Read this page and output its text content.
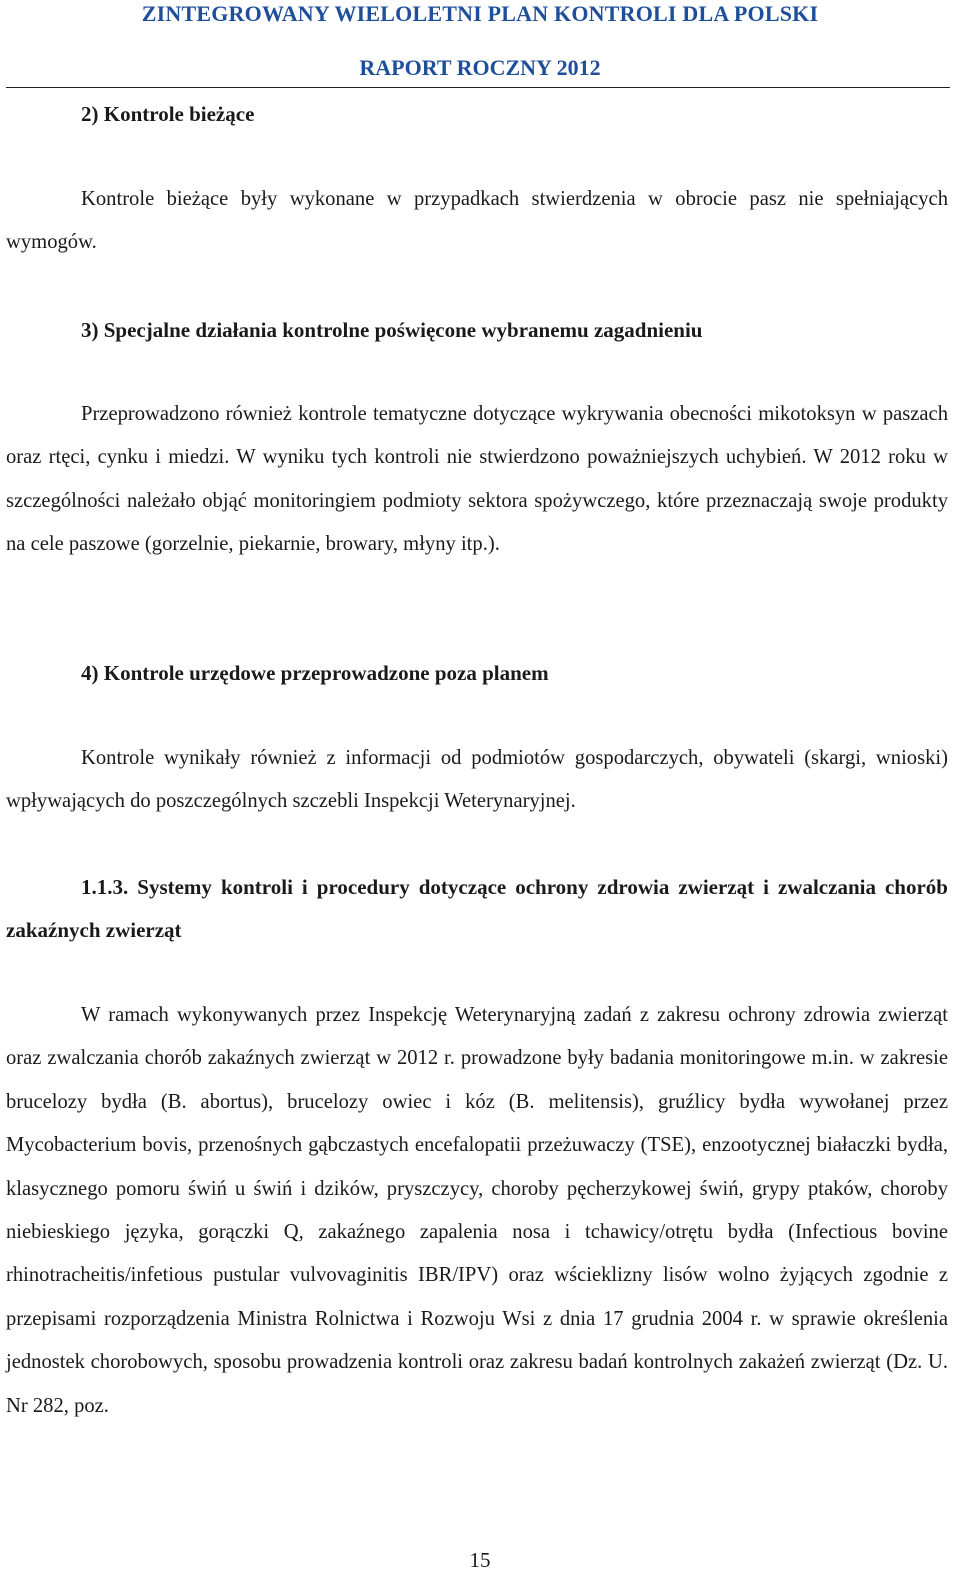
ZINTEGROWANY WIELOLETNI PLAN KONTROLI DLA POLSKI
RAPORT ROCZNY 2012
2) Kontrole bieżące

Kontrole bieżące były wykonane w przypadkach stwierdzenia w obrocie pasz nie spełniających wymogów.

3) Specjalne działania kontrolne poświęcone wybranemu zagadnieniu

Przeprowadzono również kontrole tematyczne dotyczące wykrywania obecności mikotoksyn w paszach oraz rtęci, cynku i miedzi. W wyniku tych kontroli nie stwierdzono poważniejszych uchybień. W 2012 roku w szczególności należało objąć monitoringiem podmioty sektora spożywczego, które przeznaczają swoje produkty na cele paszowe (gorzelnie, piekarnie, browary, młyny itp.).

4) Kontrole urzędowe przeprowadzone poza planem

Kontrole wynikały również z informacji od podmiotów gospodarczych, obywateli (skargi, wnioski) wpływających do poszczególnych szczebli Inspekcji Weterynaryjnej.

1.1.3. Systemy kontroli i procedury dotyczące ochrony zdrowia zwierząt i zwalczania chorób zakaźnych zwierząt

W ramach wykonywanych przez Inspekcję Weterynaryjną zadań z zakresu ochrony zdrowia zwierząt oraz zwalczania chorób zakaźnych zwierząt w 2012 r. prowadzone były badania monitoringowe m.in. w zakresie brucelozy bydła (B. abortus), brucelozy owiec i kóz (B. melitensis), gruźlicy bydła wywołanej przez Mycobacterium bovis, przenośnych gąbczastych encefalopatii przeżuwaczy (TSE), enzootycznej białaczki bydła, klasycznego pomoru świń u świń i dzików, pryszczycy, choroby pęcherzykowej świń, grypy ptaków, choroby niebieskiego języka, gorączki Q, zakaźnego zapalenia nosa i tchawicy/otrętu bydła (Infectious bovine rhinotracheitis/infetious pustular vulvovaginitis IBR/IPV) oraz wścieklizny lisów wolno żyjących zgodnie z przepisami rozporządzenia Ministra Rolnictwa i Rozwoju Wsi z dnia 17 grudnia 2004 r. w sprawie określenia jednostek chorobowych, sposobu prowadzenia kontroli oraz zakresu badań kontrolnych zakażeń zwierząt (Dz. U. Nr 282, poz.

15
